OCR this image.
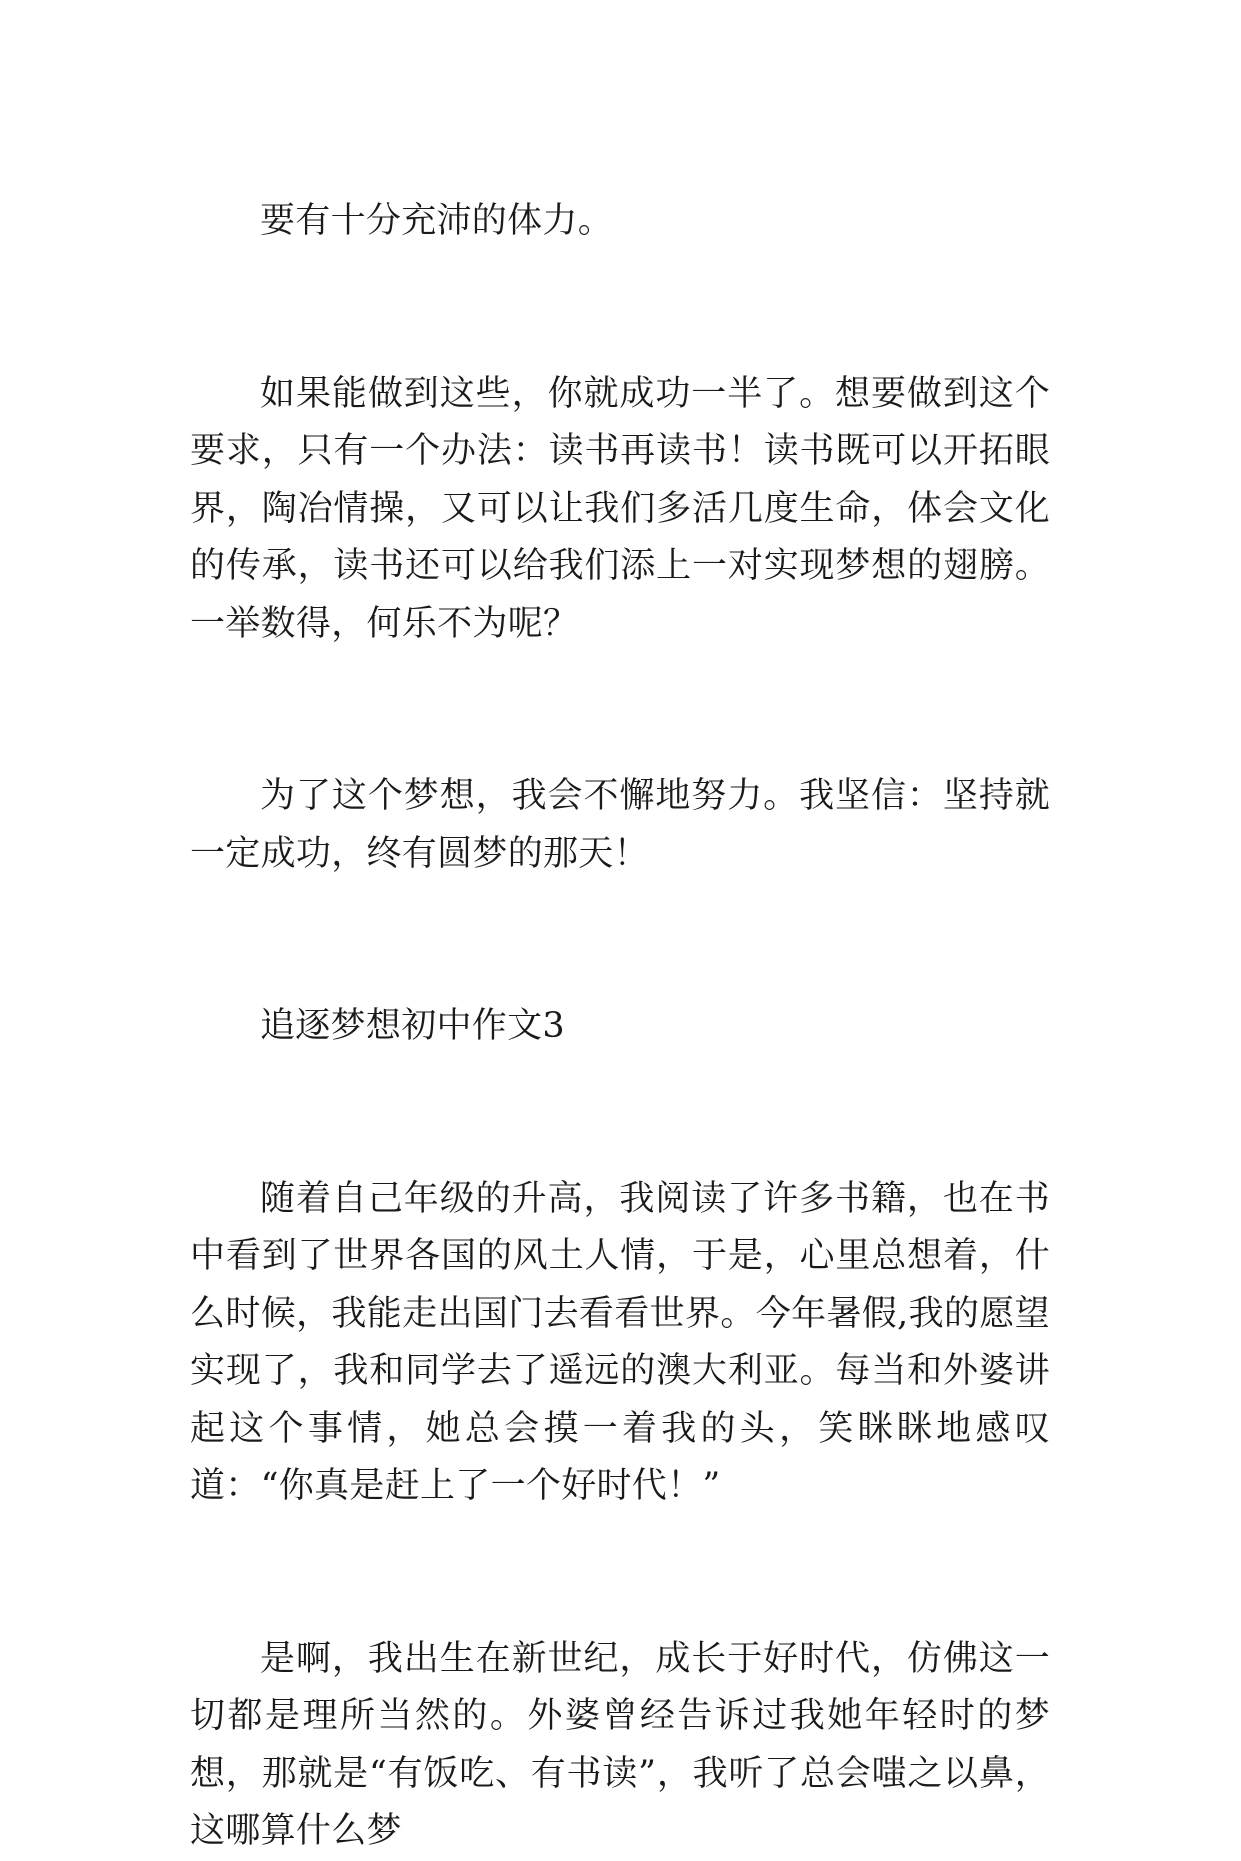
要有十分充沛的体力。

如果能做到这些，你就成功一半了。想要做到这个要求，只有一个办法：读书再读书！读书既可以开拓眼界，陶冶情操，又可以让我们多活几度生命，体会文化的传承，读书还可以给我们添上一对实现梦想的翅膀。一举数得，何乐不为呢？

为了这个梦想，我会不懈地努力。我坚信：坚持就一定成功，终有圆梦的那天！

追逐梦想初中作文3

随着自己年级的升高，我阅读了许多书籍，也在书中看到了世界各国的风土人情，于是，心里总想着，什么时候，我能走出国门去看看世界。今年暑假,我的愿望实现了，我和同学去了遥远的澳大利亚。每当和外婆讲起这个事情，她总会摸一着我的头，笑眯眯地感叹道：“你真是赶上了一个好时代！”

是啊，我出生在新世纪，成长于好时代，仿佛这一切都是理所当然的。外婆曾经告诉过我她年轻时的梦想，那就是“有饭吃、有书读”，我听了总会嗤之以鼻，这哪算什么梦
